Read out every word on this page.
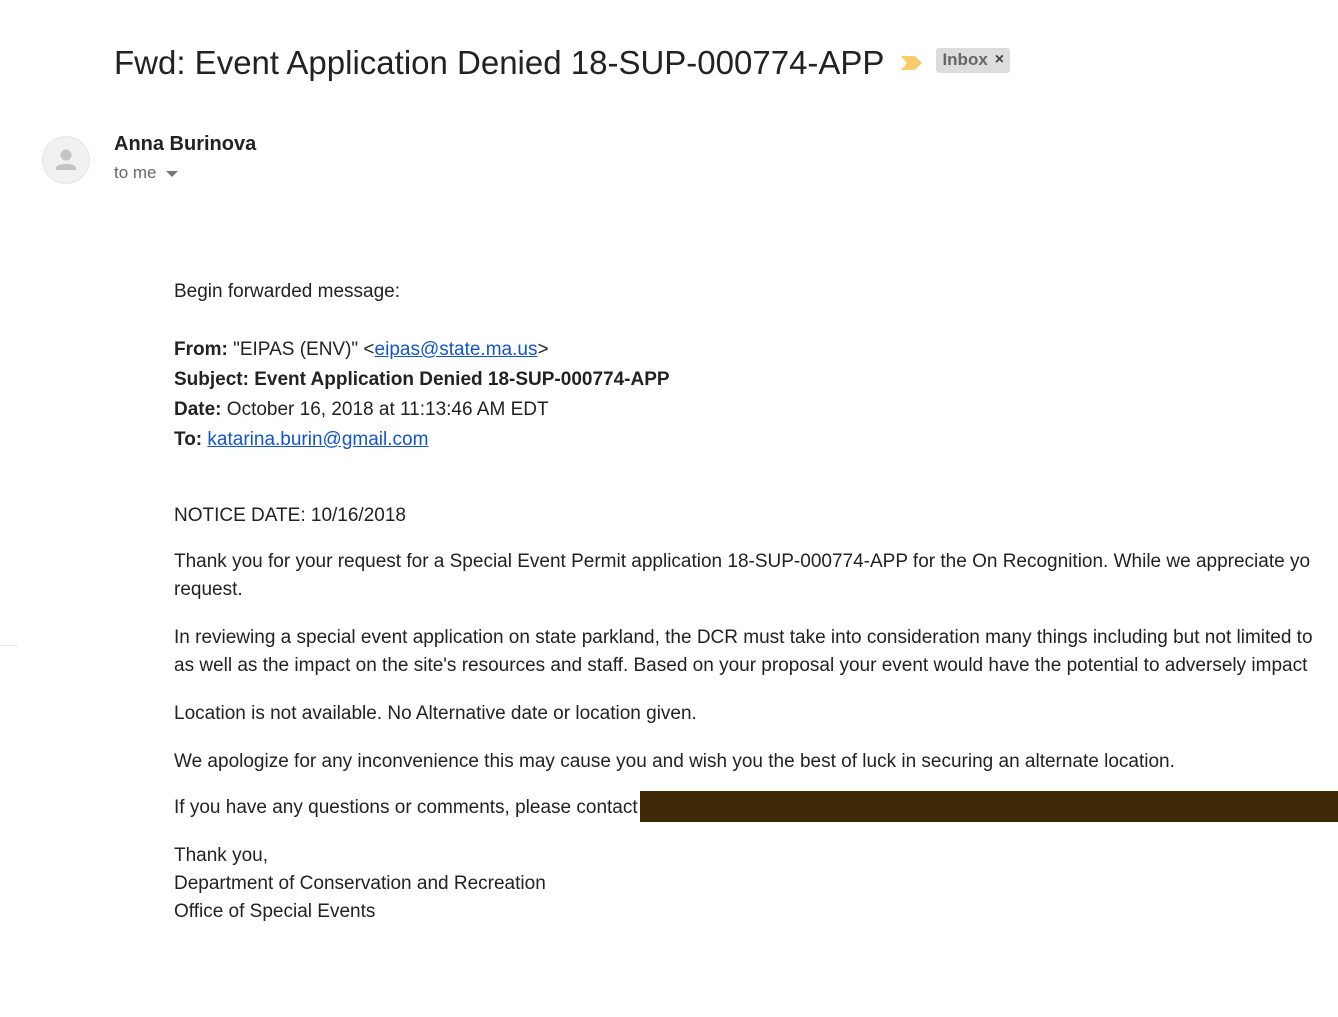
Fwd: Event Application Denied 18-SUP-000774-APP	Inbox ×
Anna Burinova
to me
Begin forwarded message:
From: "EIPAS (ENV)" <eipas@state.ma.us>
Subject: Event Application Denied 18-SUP-000774-APP
Date: October 16, 2018 at 11:13:46 AM EDT
To: katarina.burin@gmail.com
NOTICE DATE: 10/16/2018
Thank you for your request for a Special Event Permit application 18-SUP-000774-APP for the On Recognition. While we appreciate yo
request.
In reviewing a special event application on state parkland, the DCR must take into consideration many things including but not limited to
as well as the impact on the site's resources and staff. Based on your proposal your event would have the potential to adversely impact
Location is not available. No Alternative date or location given.
We apologize for any inconvenience this may cause you and wish you the best of luck in securing an alternate location.
If you have any questions or comments, please contact
Thank you,
Department of Conservation and Recreation
Office of Special Events
